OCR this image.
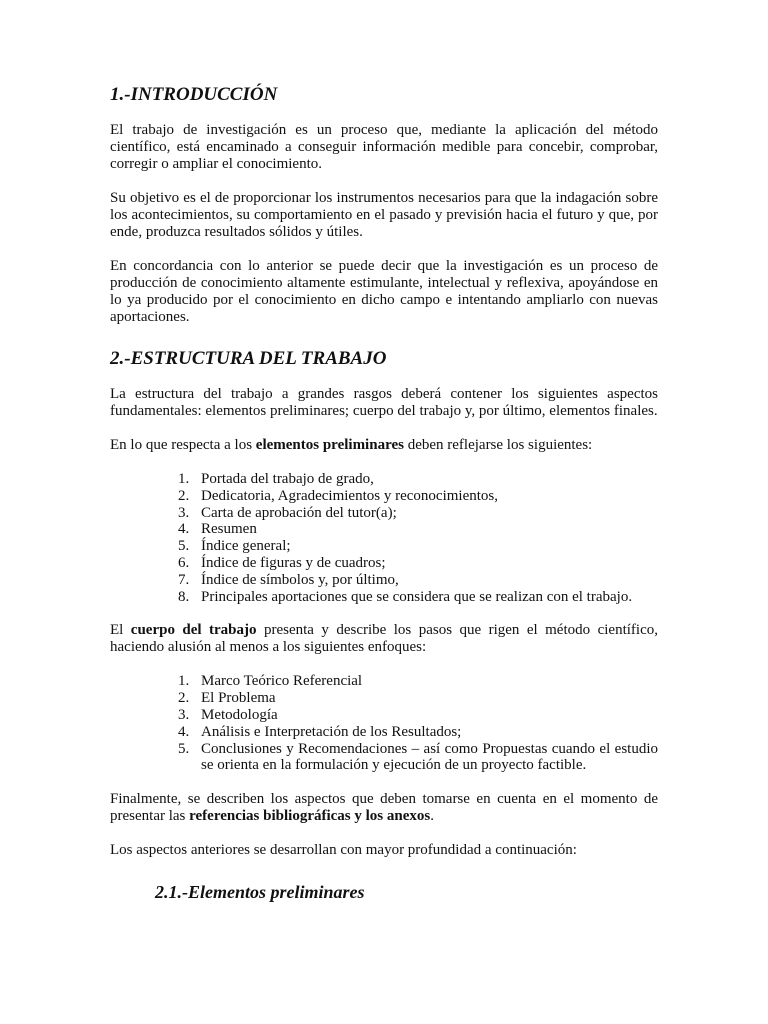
1.-INTRODUCCIÓN

El trabajo de investigación es un proceso que, mediante la aplicación del método científico, está encaminado a conseguir información medible para concebir, comprobar, corregir o ampliar el conocimiento.

Su objetivo es el de proporcionar los instrumentos necesarios para que la indagación sobre los acontecimientos, su comportamiento en el pasado y previsión hacia el futuro y que, por ende, produzca resultados sólidos y útiles.

En concordancia con lo anterior se puede decir que la investigación es un proceso de producción de conocimiento altamente estimulante, intelectual y reflexiva, apoyándose en lo ya producido por el conocimiento en dicho campo e intentando ampliarlo con nuevas aportaciones.

2.-ESTRUCTURA DEL TRABAJO

La estructura del trabajo a grandes rasgos deberá contener los siguientes aspectos fundamentales: elementos preliminares; cuerpo del trabajo y, por último, elementos finales.

En lo que respecta a los elementos preliminares deben reflejarse los siguientes:

1. Portada del trabajo de grado,
2. Dedicatoria, Agradecimientos y reconocimientos,
3. Carta de aprobación del tutor(a);
4. Resumen
5. Índice general;
6. Índice de figuras y de cuadros;
7. Índice de símbolos y, por último,
8. Principales aportaciones que se considera que se realizan con el trabajo.

El cuerpo del trabajo presenta y describe los pasos que rigen el método científico, haciendo alusión al menos a los siguientes enfoques:

1. Marco Teórico Referencial
2. El Problema
3. Metodología
4. Análisis e Interpretación de los Resultados;
5. Conclusiones y Recomendaciones – así como Propuestas cuando el estudio se orienta en la formulación y ejecución de un proyecto factible.

Finalmente, se describen los aspectos que deben tomarse en cuenta en el momento de presentar las referencias bibliográficas y los anexos.

Los aspectos anteriores se desarrollan con mayor profundidad a continuación:

2.1.-Elementos preliminares
